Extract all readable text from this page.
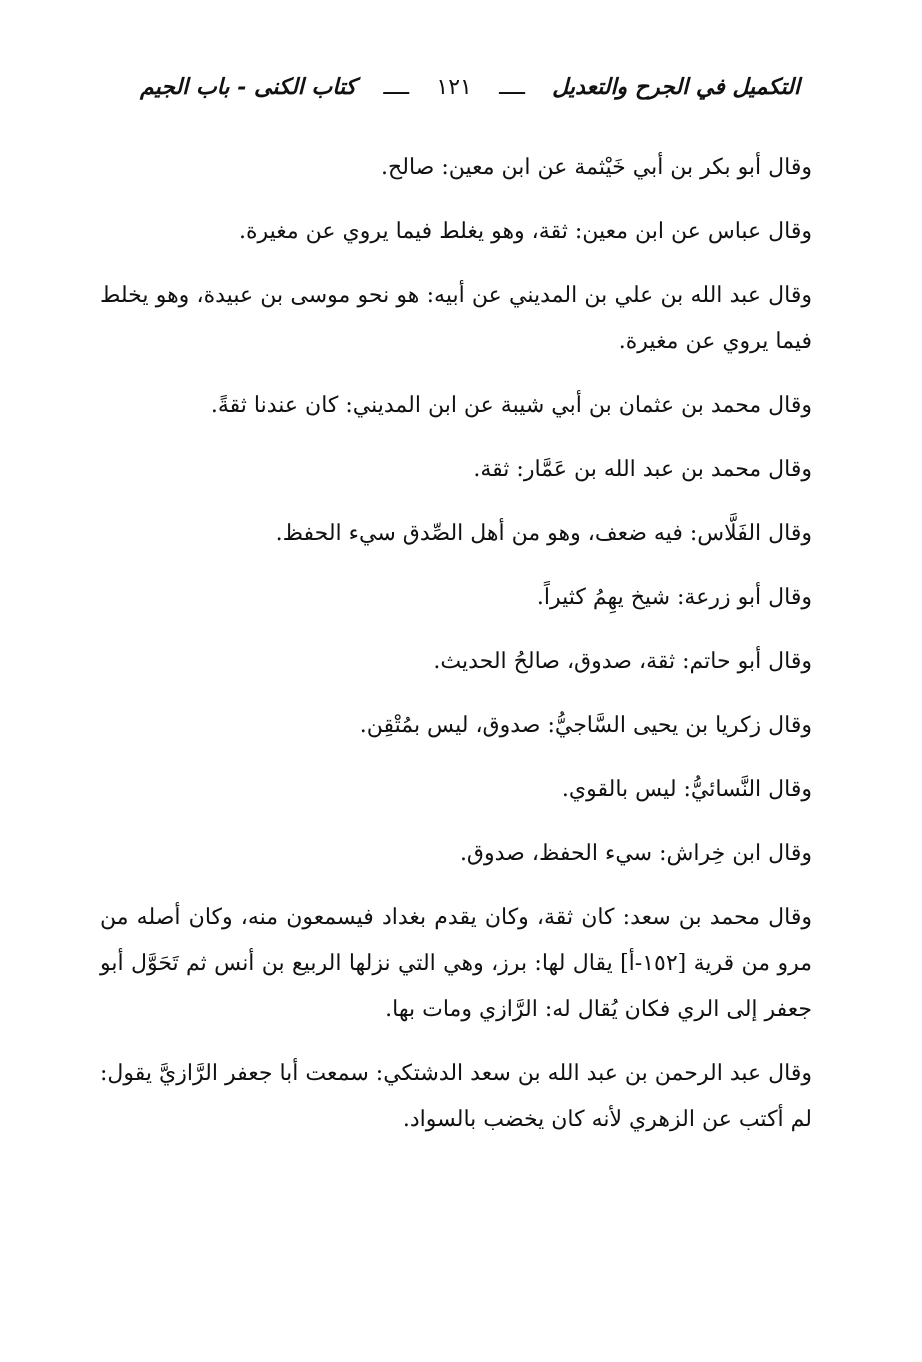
التكميل في الجرح والتعديل
ــــ
١٢١
ــــ
كتاب الكنى - باب الجيم

وقال أبو بكر بن أبي خَيْثمة عن ابن معين: صالح.

وقال عباس عن ابن معين: ثقة، وهو يغلط فيما يروي عن مغيرة.

وقال عبد الله بن علي بن المديني عن أبيه: هو نحو موسى بن عبيدة، وهو يخلط فيما يروي عن مغيرة.

وقال محمد بن عثمان بن أبي شيبة عن ابن المديني: كان عندنا ثقةً.

وقال محمد بن عبد الله بن عَمَّار: ثقة.

وقال الفَلَّاس: فيه ضعف، وهو من أهل الصِّدق سيء الحفظ.

وقال أبو زرعة: شيخ يهِمُ كثيراً.

وقال أبو حاتم: ثقة، صدوق، صالحُ الحديث.

وقال زكريا بن يحيى السَّاجيُّ: صدوق، ليس بمُتْقِن.

وقال النَّسائيُّ: ليس بالقوي.

وقال ابن خِراش: سيء الحفظ، صدوق.

وقال محمد بن سعد: كان ثقة، وكان يقدم بغداد فيسمعون منه، وكان أصله من مرو من قرية [١٥٢-أ] يقال لها: برز، وهي التي نزلها الربيع بن أنس ثم تَحَوَّل أبو جعفر إلى الري فكان يُقال له: الرَّازي ومات بها.

وقال عبد الرحمن بن عبد الله بن سعد الدشتكي: سمعت أبا جعفر الرَّازيَّ يقول: لم أكتب عن الزهري لأنه كان يخضب بالسواد.
